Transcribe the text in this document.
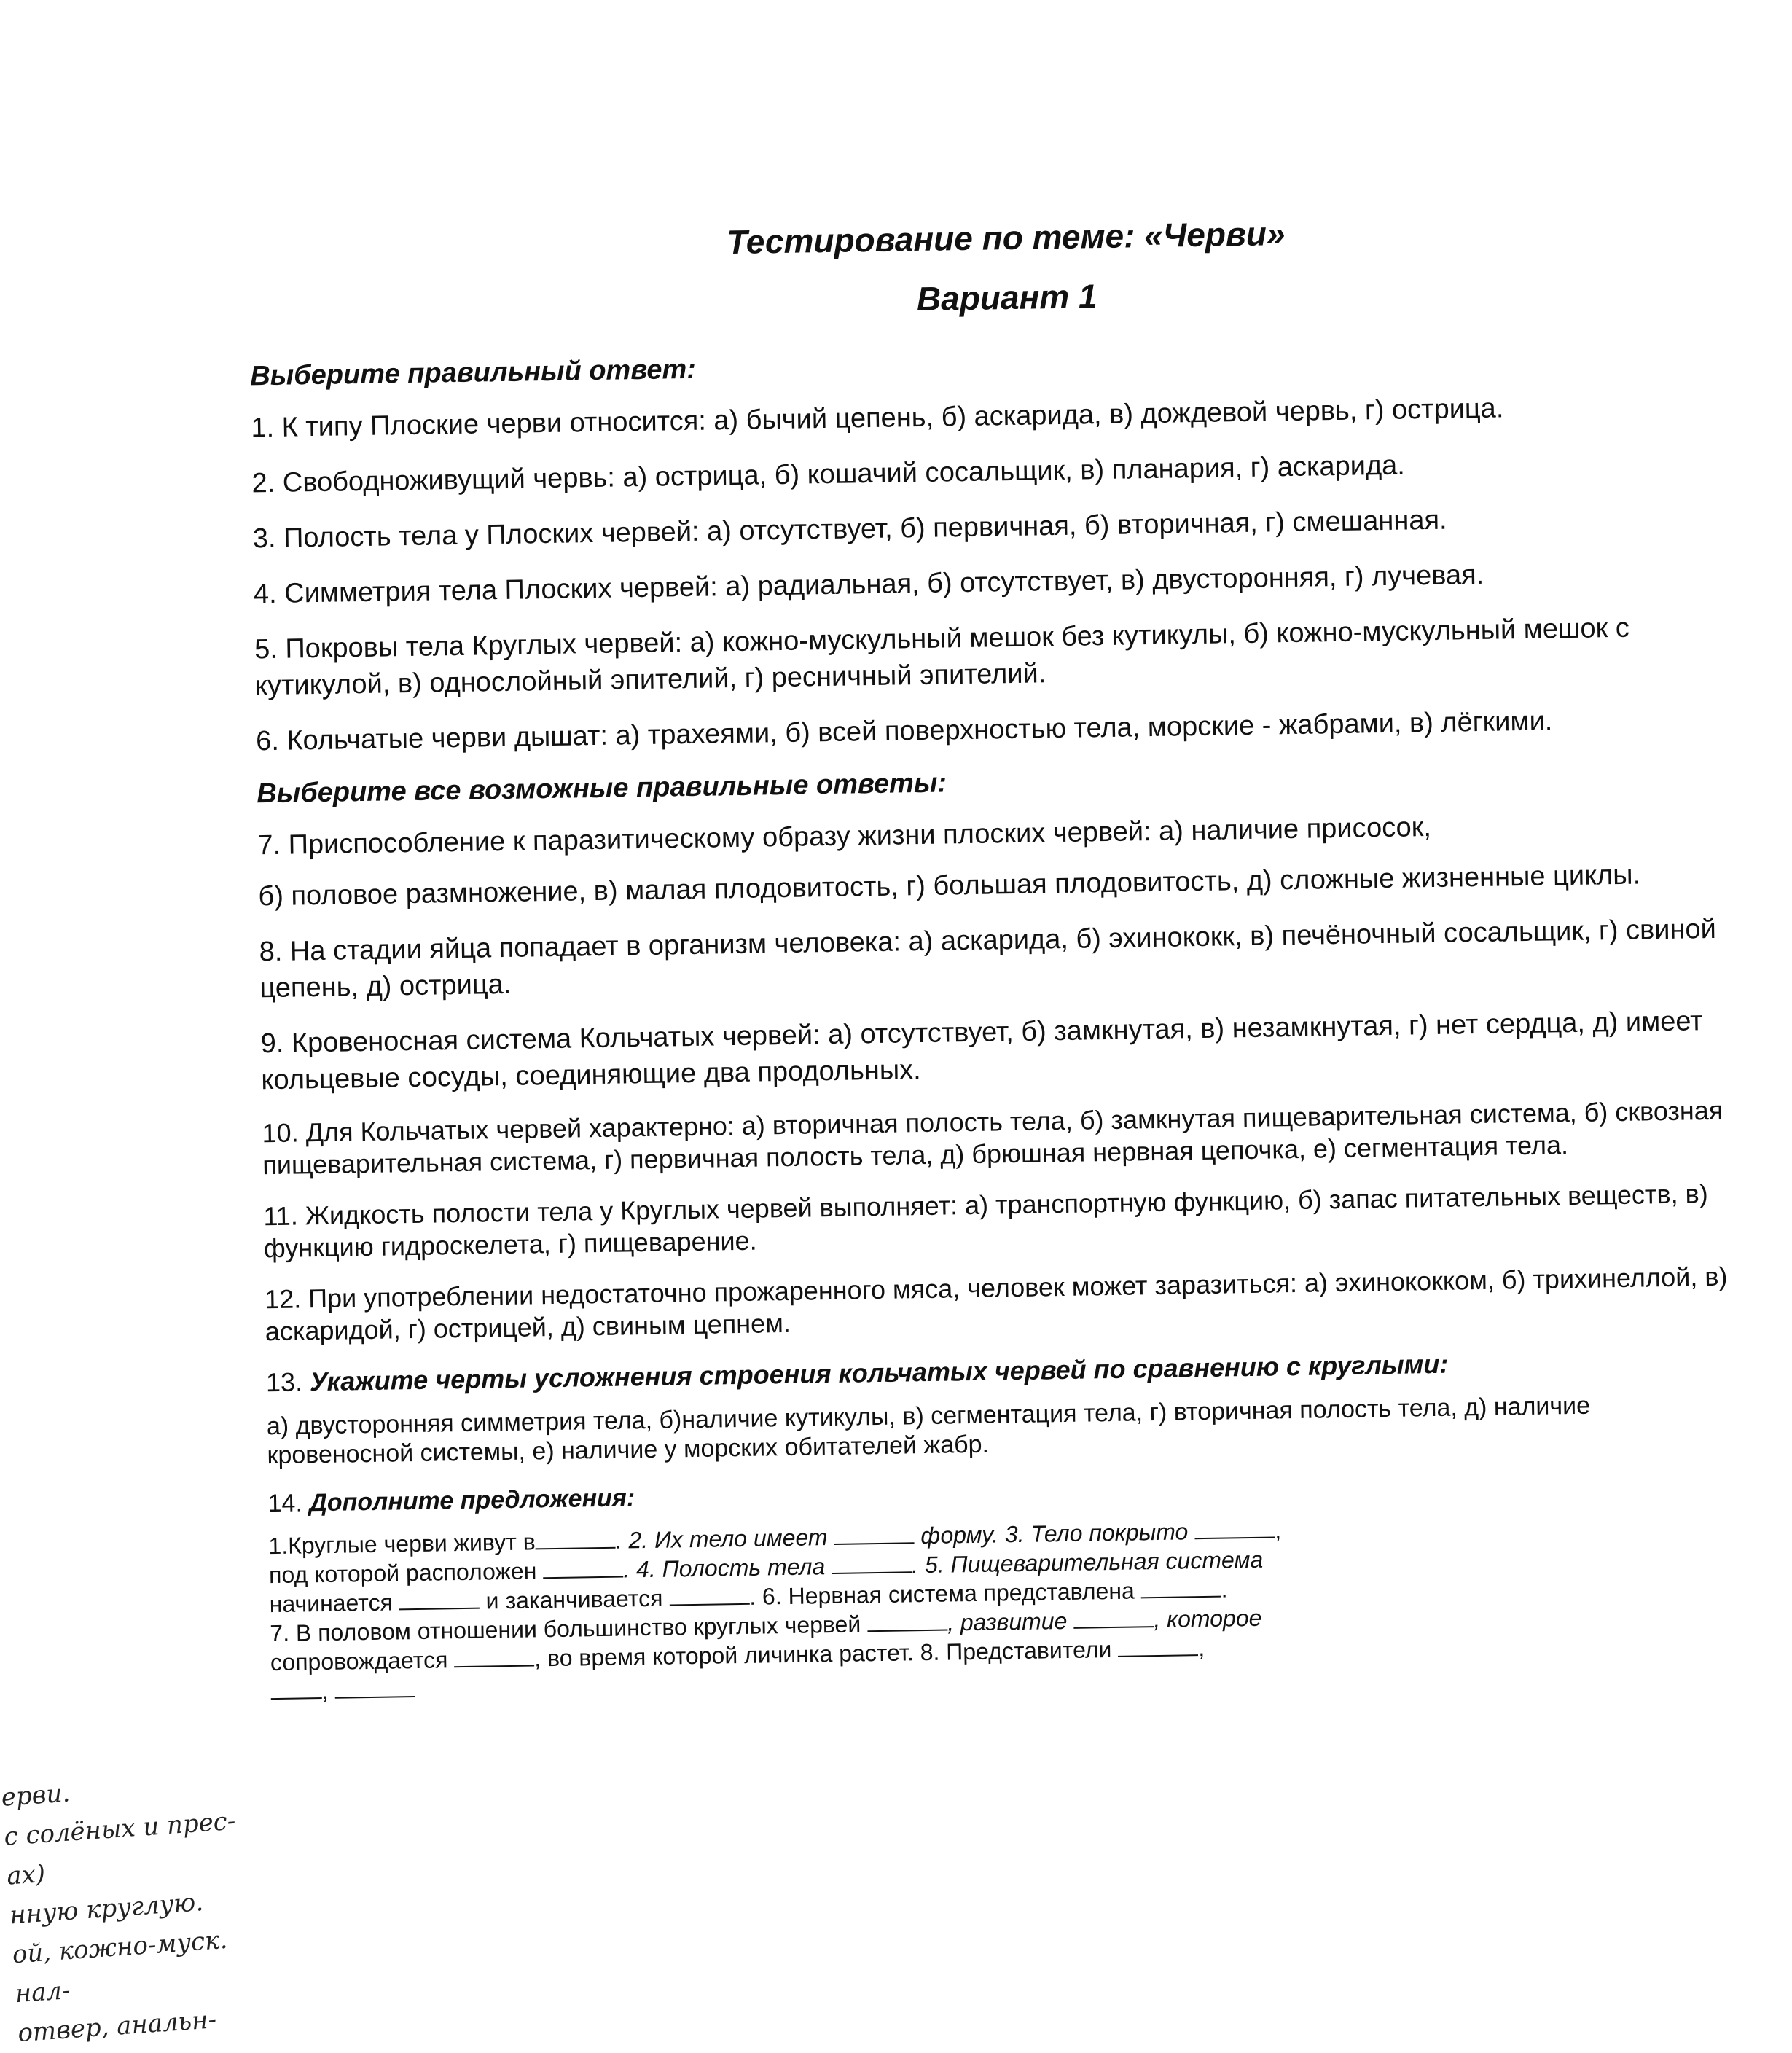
Тестирование по теме: «Черви»
Вариант 1
Выберите правильный ответ:
1. К типу Плоские черви относится: а) бычий цепень, б) аскарида, в) дождевой червь, г) острица.
2. Свободноживущий червь: а) острица, б) кошачий сосальщик, в) планария, г) аскарида.
3. Полость тела у Плоских червей: а) отсутствует, б) первичная, б) вторичная, г) смешанная.
4. Симметрия тела Плоских червей: а) радиальная, б) отсутствует, в) двусторонняя, г) лучевая.
5. Покровы тела Круглых червей: а) кожно-мускульный мешок без кутикулы, б) кожно-мускульный мешок с кутикулой, в) однослойный эпителий, г) ресничный эпителий.
6. Кольчатые черви дышат: а) трахеями, б) всей поверхностью тела, морские - жабрами, в) лёгкими.
Выберите все возможные правильные ответы:
7. Приспособление к паразитическому образу жизни плоских червей: а) наличие присосок,
б) половое размножение, в) малая плодовитость, г) большая плодовитость, д) сложные жизненные циклы.
8. На стадии яйца попадает в организм человека: а) аскарида, б) эхинококк, в) печёночный сосальщик, г) свиной цепень, д) острица.
9. Кровеносная система Кольчатых червей: а) отсутствует, б) замкнутая, в) незамкнутая, г) нет сердца, д) имеет кольцевые сосуды, соединяющие два продольных.
10. Для Кольчатых червей характерно: а) вторичная полость тела, б) замкнутая пищеварительная система, б) сквозная пищеварительная система, г) первичная полость тела, д) брюшная нервная цепочка, е) сегментация тела.
11. Жидкость полости тела у Круглых червей выполняет: а) транспортную функцию, б) запас питательных веществ, в) функцию гидроскелета, г) пищеварение.
12. При употреблении недостаточно прожаренного мяса, человек может заразиться: а) эхинококком, б) трихинеллой, в) аскаридой, г) острицей, д) свиным цепнем.
13. Укажите черты усложнения строения кольчатых червей по сравнению с круглыми:
а) двусторонняя симметрия тела, б)наличие кутикулы, в) сегментация тела, г) вторичная полость тела, д) наличие кровеносной системы, е) наличие у морских обитателей жабр.
14. Дополните предложения:
1.Круглые черви живут в	. 2. Их тело имеет	форму. 3. Тело покрыто	,
под которой расположен	. 4. Полость тела	. 5. Пищеварительная система
начинается	и заканчивается	. 6. Нервная система представлена	.
7. В половом отношении большинство круглых червей	, развитие	, которое
сопровождается	, во время которой личинка растет. 8. Представители	,
,
ерви.
с солёных и прес-
ах)
нную круглую.
ой, кожно-муск.
нал-
отвер, анальн-
